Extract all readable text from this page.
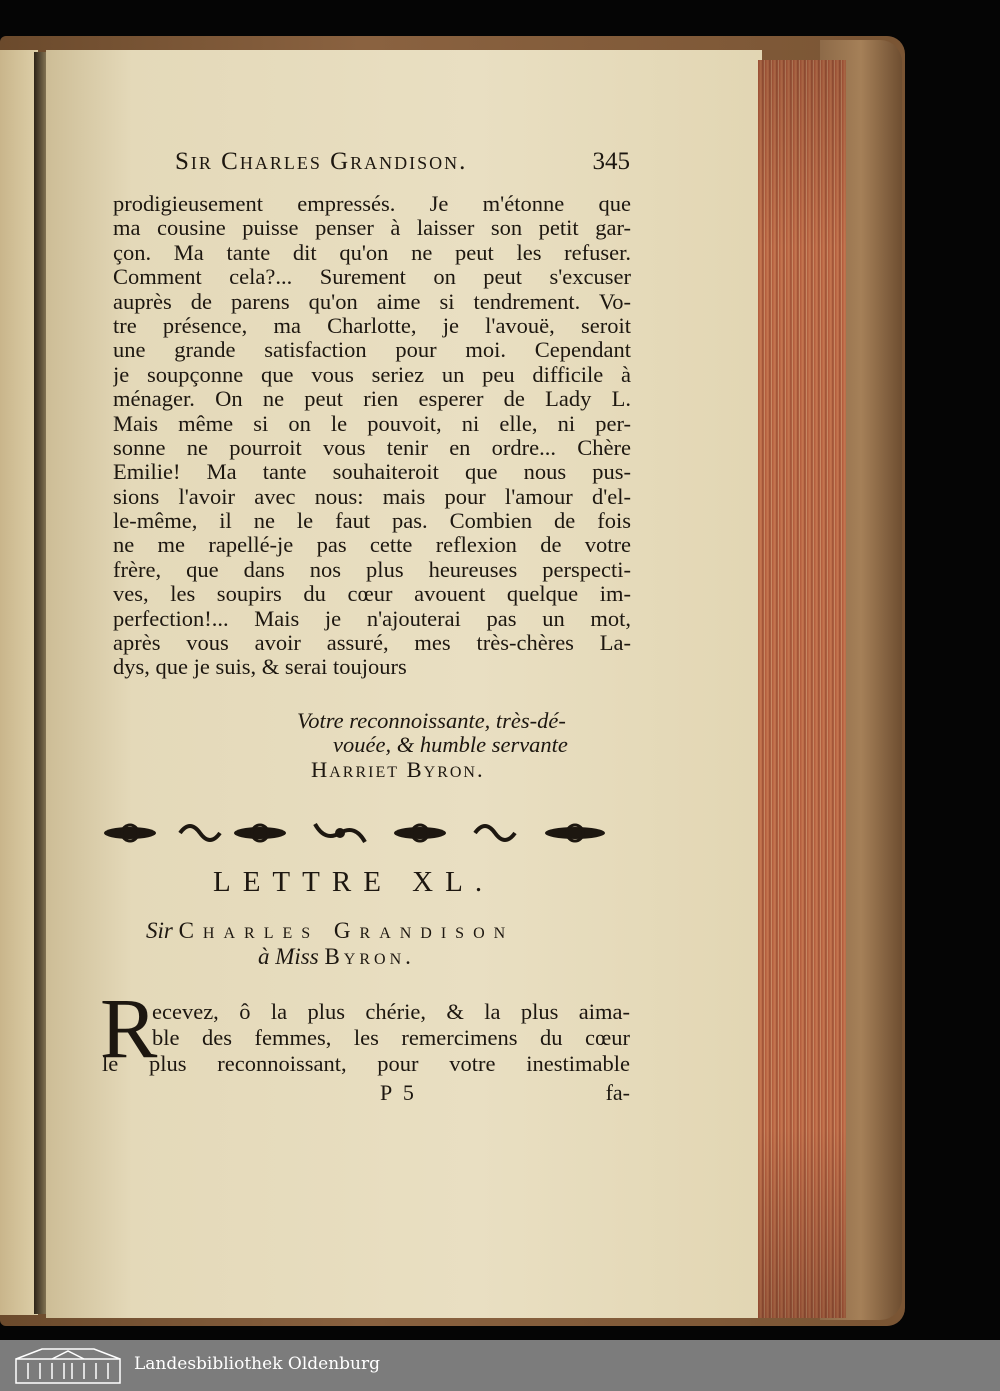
Sir Charles Grandison.	345
prodigieusement empressés. Je m'étonne que
ma cousine puisse penser à laisser son petit gar-
çon. Ma tante dit qu'on ne peut les refuser.
Comment cela?... Surement on peut s'excuser
auprès de parens qu'on aime si tendrement. Vo-
tre présence, ma Charlotte, je l'avouë, seroit
une grande satisfaction pour moi. Cependant
je soupçonne que vous seriez un peu difficile à
ménager. On ne peut rien esperer de Lady L.
Mais même si on le pouvoit, ni elle, ni per-
sonne ne pourroit vous tenir en ordre... Chère
Emilie! Ma tante souhaiteroit que nous pus-
sions l'avoir avec nous: mais pour l'amour d'el-
le-même, il ne le faut pas. Combien de fois
ne me rapellé-je pas cette reflexion de votre
frère, que dans nos plus heureuses perspecti-
ves, les soupirs du cœur avouent quelque im-
perfection!... Mais je n'ajouterai pas un mot,
après vous avoir assuré, mes très-chères La-
dys, que je suis, & serai toujours
Votre reconnoissante, très-dé-
vouée, & humble servante
Harriet Byron.
LETTRE XL.
Sir Charles Grandison
à Miss Byron.
R
ecevez, ô la plus chérie, & la plus aima-
ble des femmes, les remercimens du cœur
le plus reconnoissant, pour votre inestimable
P 5	fa-
Landesbibliothek Oldenburg
